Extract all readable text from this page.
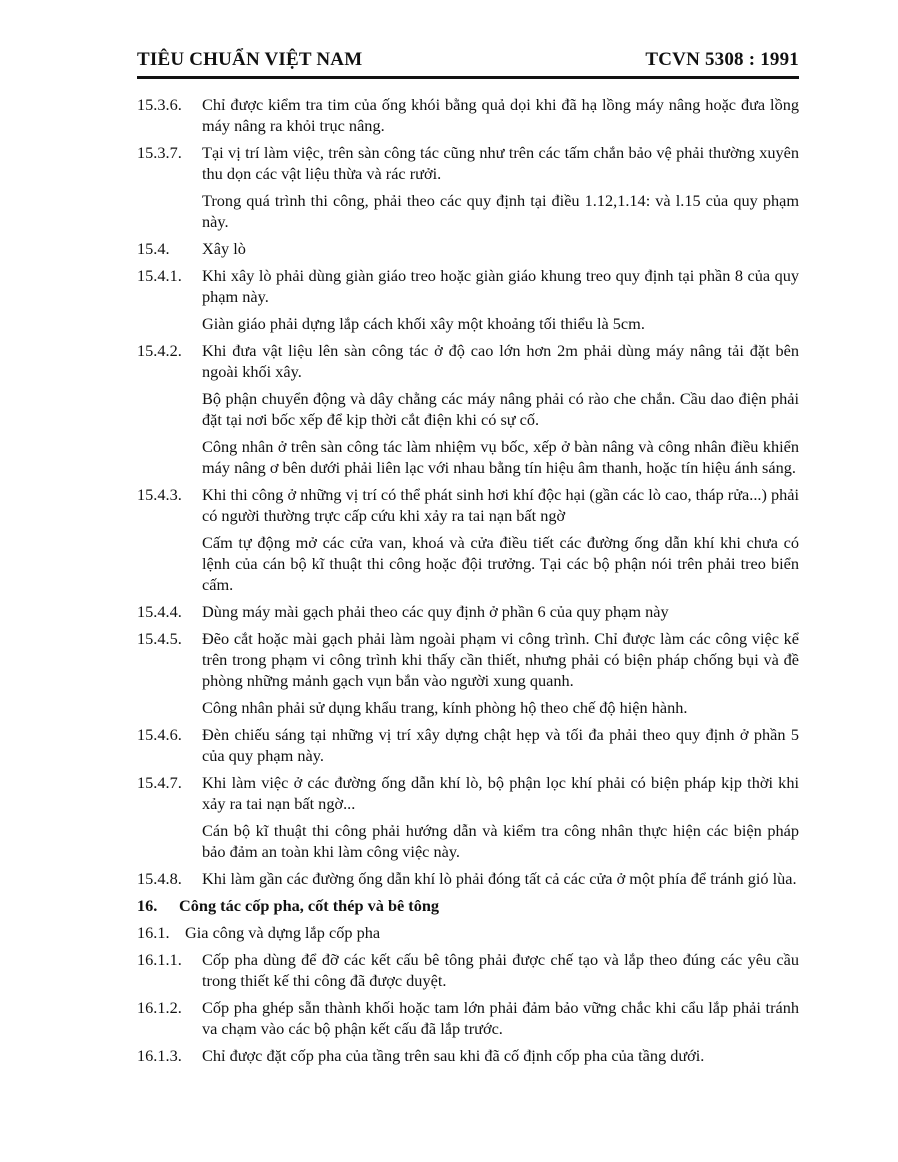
TIÊU CHUẨN VIỆT NAM	TCVN 5308 : 1991
15.3.6.	Chỉ được kiểm tra tim của ống khói bằng quả dọi khi đã hạ lồng máy nâng hoặc đưa lồng máy nâng ra khỏi trục nâng.
15.3.7.	Tại vị trí làm việc, trên sàn công tác cũng như trên các tấm chắn bảo vệ phải thường xuyên thu dọn các vật liệu thừa và rác rưởi.
Trong quá trình thi công, phải theo các quy định tại điều 1.12,1.14: và l.15 của quy phạm này.
15.4.	Xây lò
15.4.1.	Khi xây lò phải dùng giàn giáo treo hoặc giàn giáo khung treo quy định tại phần 8 của quy phạm này.
Giàn giáo phải dựng lắp cách khối xây một khoảng tối thiểu là 5cm.
15.4.2.	Khi đưa vật liệu lên sàn công tác ở độ cao lớn hơn 2m phải dùng máy nâng tải đặt bên ngoài khối xây.
Bộ phận chuyển động và dây chằng các máy nâng phải có rào che chắn. Cầu dao điện phải đặt tại nơi bốc xếp để kịp thời cắt điện khi có sự cố.
Công nhân ở trên sàn công tác làm nhiệm vụ bốc, xếp ở bàn nâng và công nhân điều khiển máy nâng ơ bên dưới phải liên lạc với nhau bằng tín hiệu âm thanh, hoặc tín hiệu ánh sáng.
15.4.3.	Khi thi công ở những vị trí có thể phát sinh hơi khí độc hại (gần các lò cao, tháp rửa...) phải có người thường trực cấp cứu khi xảy ra tai nạn bất ngờ
Cấm tự động mở các cửa van, khoá và cửa điều tiết các đường ống dẫn khí khi chưa có lệnh của cán bộ kĩ thuật thi công hoặc đội trưởng. Tại các bộ phận nói trên phải treo biển cấm.
15.4.4.	Dùng máy mài gạch phải theo các quy định ở phần 6 của quy phạm này
15.4.5.	Đẽo cắt hoặc mài gạch phải làm ngoài phạm vi công trình. Chỉ được làm các công việc kể trên trong phạm vi công trình khi thấy cần thiết, nhưng phải có biện pháp chống bụi và đề phòng những mảnh gạch vụn bắn vào người xung quanh.
Công nhân phải sử dụng khẩu trang, kính phòng hộ theo chế độ hiện hành.
15.4.6.	Đèn chiếu sáng tại những vị trí xây dựng chật hẹp và tối đa phải theo quy định ở phần 5 của quy phạm này.
15.4.7.	Khi làm việc ở các đường ống dẫn khí lò, bộ phận lọc khí phải có biện pháp kịp thời khi xảy ra tai nạn bất ngờ...
Cán bộ kĩ thuật thi công phải hướng dẫn và kiểm tra công nhân thực hiện các biện pháp bảo đảm an toàn khi làm công việc này.
15.4.8.	Khi làm gần các đường ống dẫn khí lò phải đóng tất cả các cửa ở một phía để tránh gió lùa.
16.	Công tác cốp pha, cốt thép và bê tông
16.1. Gia công và dựng lắp cốp pha
16.1.1.	Cốp pha dùng để đỡ các kết cấu bê tông phải được chế tạo và lắp theo đúng các yêu cầu trong thiết kế thi công đã được duyệt.
16.1.2.	Cốp pha ghép sẵn thành khối hoặc tam lớn phải đảm bảo vững chắc khi cẩu lắp phải tránh va chạm vào các bộ phận kết cấu đã lắp trước.
16.1.3.	Chỉ được đặt cốp pha của tầng trên sau khi đã cố định cốp pha của tầng dưới.
